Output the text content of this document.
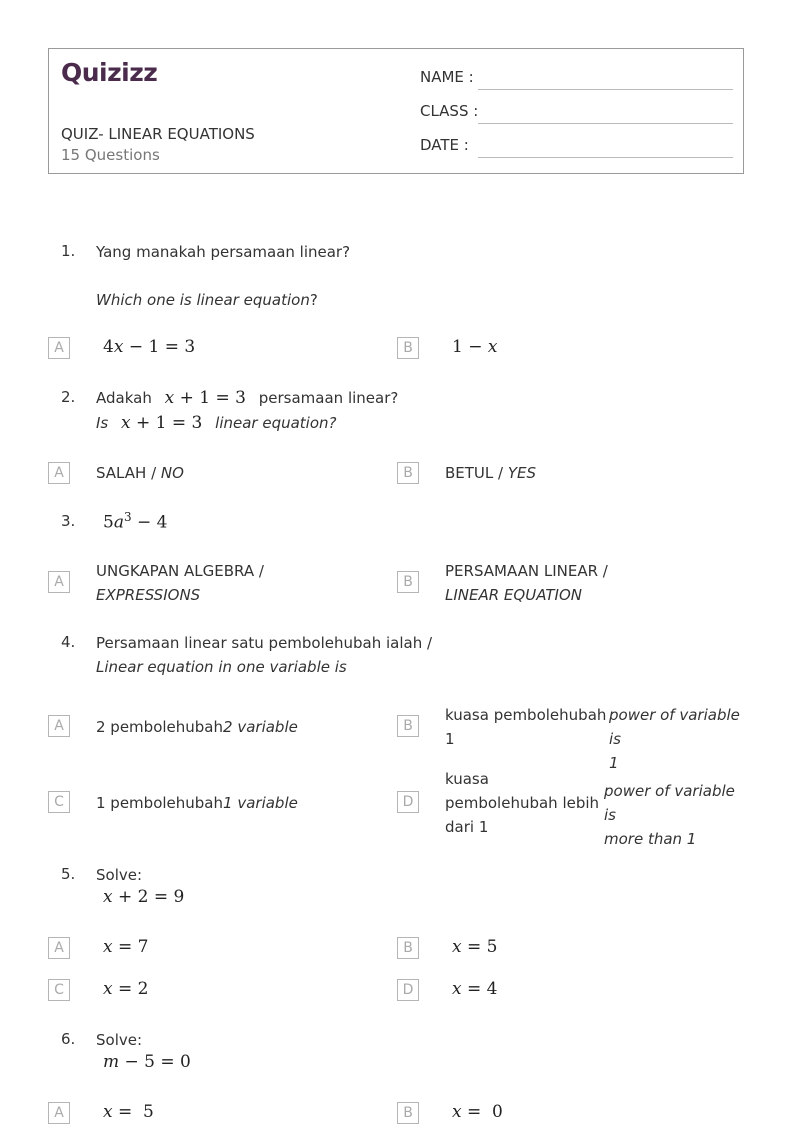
Quizizz
QUIZ- LINEAR EQUATIONS
15 Questions
NAME :
CLASS :
DATE :
1. Yang manakah persamaan linear?
Which one is linear equation?
A	4x − 1 = 3	B	1 − x
2. Adakah x + 1 = 3 persamaan linear?
Is x + 1 = 3 linear equation?
A	SALAH / NO	B	BETUL / YES
3. $5a^3 - 4$
A
UNGKAPAN ALGEBRA /
EXPRESSIONS
B
PERSAMAAN LINEAR /
LINEAR EQUATION
4. Persamaan linear satu pembolehubah ialah /
Linear equation in one variable is
A	2 pembolehubah2 variable	B
kuasa pembolehubah
1
power of variable is
1
C	1 pembolehubah1 variable	D
kuasa
pembolehubah lebih
dari 1
power of variable is
more than 1
5. Solve:
x + 2 = 9
A	x = 7	B	x = 5
C	x = 2	D	x = 4
6. Solve:
m − 5 = 0
A	x =  5	B	x =  0
